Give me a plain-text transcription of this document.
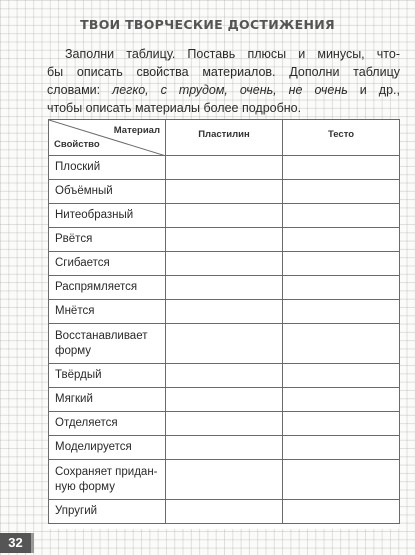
ТВОИ ТВОРЧЕСКИЕ ДОСТИЖЕНИЯ
Заполни таблицу. Поставь плюсы и минусы, что-
бы описать свойства материалов. Дополни таблицу
словами: легко, с трудом, очень, не очень и др.,
чтобы описать материалы более подробно.
Материал
Свойство	Пластилин	Тесто
Плоский		
Объёмный		
Нитеобразный		
Рвётся		
Сгибается		
Распрямляется		
Мнётся		
Восстанавливает форму		
Твёрдый		
Мягкий		
Отделяется		
Моделируется		
Сохраняет приданную форму		
Упругий		
32
